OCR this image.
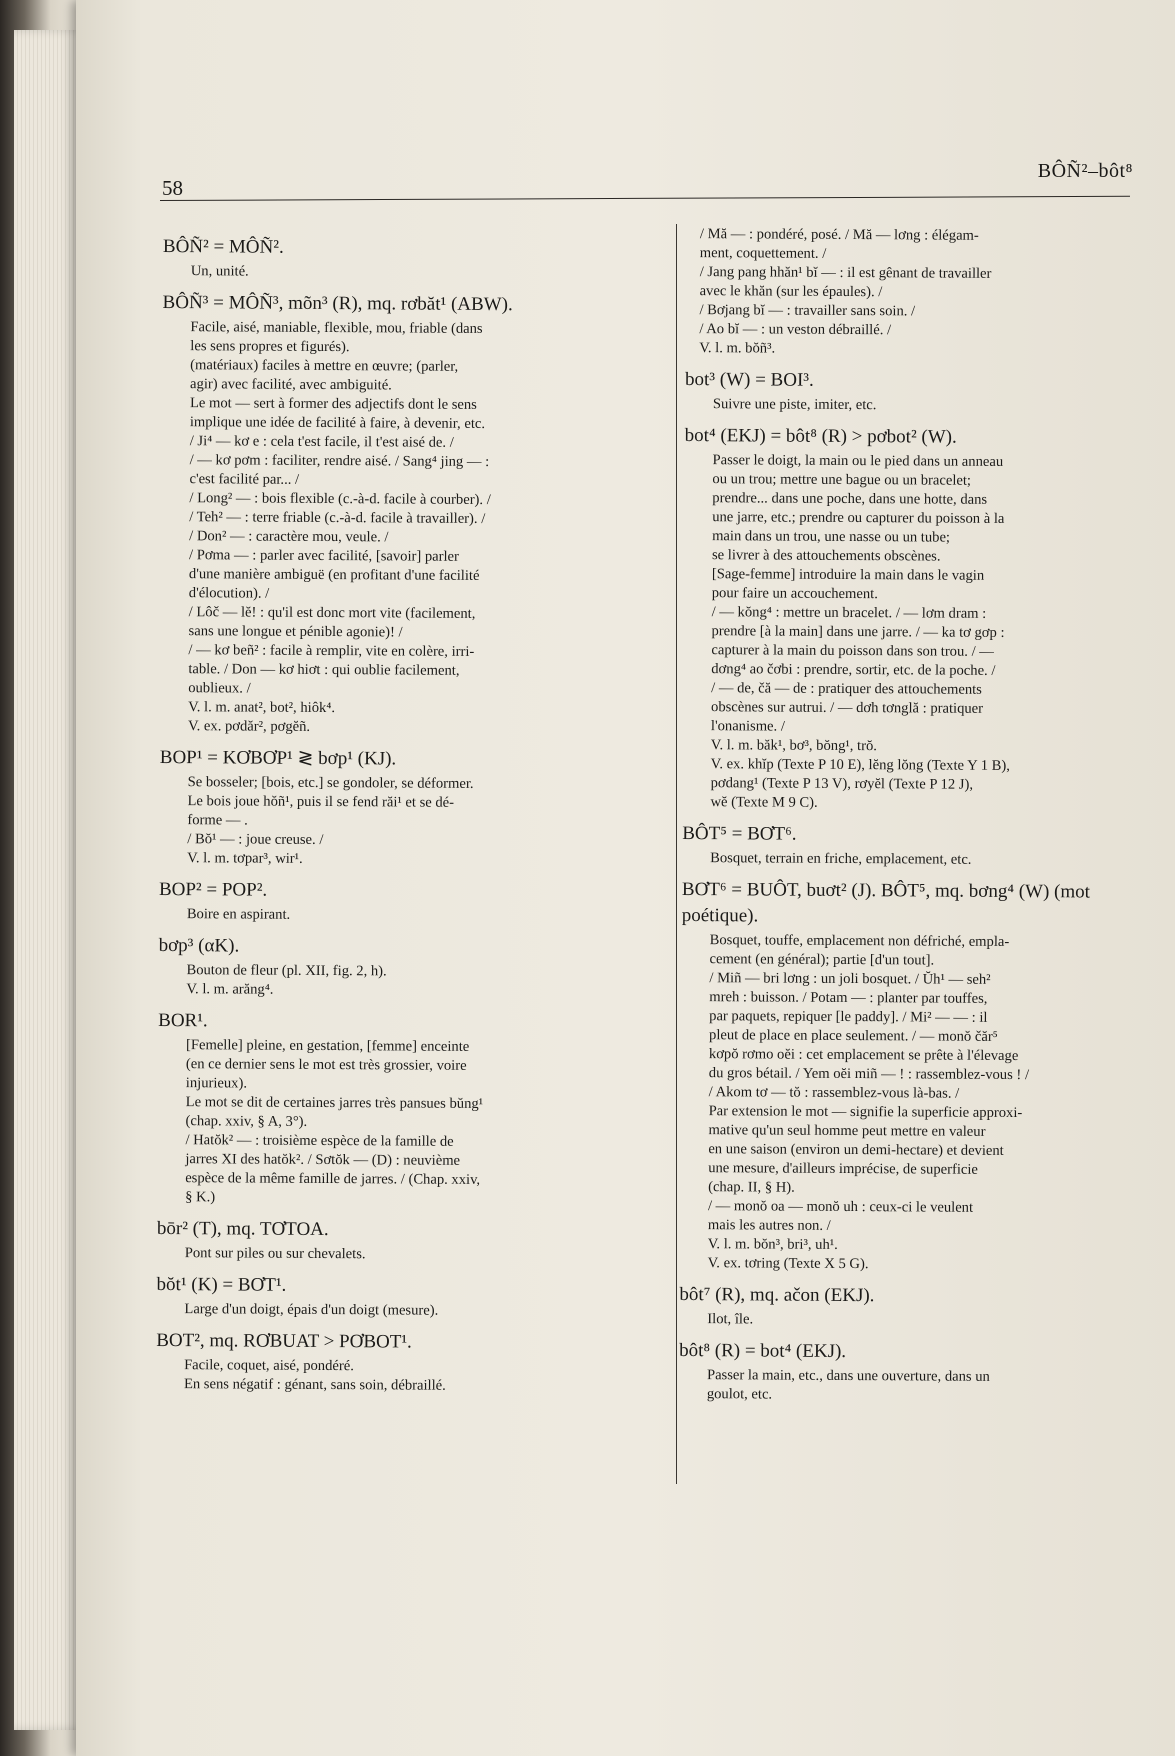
58
BÔÑ²–bôt⁸
BÔÑ² = MÔÑ².
Un, unité.
BÔÑ³ = MÔÑ³, mõn³ (R), mq. rơbăt¹ (ABW).
Facile, aisé, maniable, flexible, mou, friable (dans
les sens propres et figurés).
(matériaux) faciles à mettre en œuvre; (parler,
agir) avec facilité, avec ambiguité.
Le mot — sert à former des adjectifs dont le sens
implique une idée de facilité à faire, à devenir, etc.
/ Ji⁴ — kơ e : cela t'est facile, il t'est aisé de. /
/ — kơ pơm : faciliter, rendre aisé. / Sang⁴ jing — :
c'est facilité par... /
/ Long² — : bois flexible (c.-à-d. facile à courber). /
/ Teh² — : terre friable (c.-à-d. facile à travailler). /
/ Don² — : caractère mou, veule. /
/ Pơma — : parler avec facilité, [savoir] parler
d'une manière ambiguë (en profitant d'une facilité
d'élocution). /
/ Lôč — lĕ! : qu'il est donc mort vite (facilement,
sans une longue et pénible agonie)! /
/ — kơ beñ² : facile à remplir, vite en colère, irri-
table. / Don — kơ hiơt : qui oublie facilement,
oublieux. /
V. l. m. anat², bot², hiôk⁴.
V. ex. pơdăr², pơgĕñ.
BOP¹ = KƠBƠP¹ ≷ bơp¹ (KJ).
Se bosseler; [bois, etc.] se gondoler, se déformer.
Le bois joue hŏñ¹, puis il se fend răi¹ et se dé-
forme — .
/ Bŏ¹ — : joue creuse. /
V. l. m. tơpar³, wir¹.
BOP² = POP².
Boire en aspirant.
bơp³ (αK).
Bouton de fleur (pl. XII, fig. 2, h).
V. l. m. arăng⁴.
BOR¹.
[Femelle] pleine, en gestation, [femme] enceinte
(en ce dernier sens le mot est très grossier, voire
injurieux).
Le mot se dit de certaines jarres très pansues bŭng¹
(chap. xxiv, § A, 3°).
/ Hatŏk² — : troisième espèce de la famille de
jarres XI des hatŏk². / Sơtŏk — (D) : neuvième
espèce de la même famille de jarres. / (Chap. xxiv,
§ K.)
bōr² (T), mq. TƠTOA.
Pont sur piles ou sur chevalets.
bŏt¹ (K) = BƠT¹.
Large d'un doigt, épais d'un doigt (mesure).
BOT², mq. RƠBUAT > PƠBOT¹.
Facile, coquet, aisé, pondéré.
En sens négatif : génant, sans soin, débraillé.
/ Mă — : pondéré, posé. / Mă — lơng : élégam-
ment, coquettement. /
/ Jang pang hhăn¹ bĭ — : il est gênant de travailler
avec le khăn (sur les épaules). /
/ Bơjang bĭ — : travailler sans soin. /
/ Ao bĭ — : un veston débraillé. /
V. l. m. bŏñ³.
bot³ (W) = BOI³.
Suivre une piste, imiter, etc.
bot⁴ (EKJ) = bôt⁸ (R) > pơbot² (W).
Passer le doigt, la main ou le pied dans un anneau
ou un trou; mettre une bague ou un bracelet;
prendre... dans une poche, dans une hotte, dans
une jarre, etc.; prendre ou capturer du poisson à la
main dans un trou, une nasse ou un tube;
se livrer à des attouchements obscènes.
[Sage-femme] introduire la main dans le vagin
pour faire un accouchement.
/ — kŏng⁴ : mettre un bracelet. / — lơm dram :
prendre [à la main] dans une jarre. / — ka tơ gơp :
capturer à la main du poisson dans son trou. / —
dơng⁴ ao čơbi : prendre, sortir, etc. de la poche. /
/ — de, čă — de : pratiquer des attouchements
obscènes sur autrui. / — dơh tơnglă : pratiquer
l'onanisme. /
V. l. m. băk¹, bơ³, bŏng¹, trŏ.
V. ex. khĭp (Texte P 10 E), lĕng lŏng (Texte Y 1 B),
pơdang¹ (Texte P 13 V), rơyĕl (Texte P 12 J),
wĕ (Texte M 9 C).
BÔT⁵ = BƠT⁶.
Bosquet, terrain en friche, emplacement, etc.
BƠT⁶ = BUÔT, buơt² (J). BÔT⁵, mq. bơng⁴ (W) (mot poétique).
Bosquet, touffe, emplacement non défriché, empla-
cement (en général); partie [d'un tout].
/ Miñ — bri lơng : un joli bosquet. / Ŭh¹ — seh²
mreh : buisson. / Potam — : planter par touffes,
par paquets, repiquer [le paddy]. / Mi² — — : il
pleut de place en place seulement. / — monŏ čăr⁵
kơpŏ rơmo oĕi : cet emplacement se prête à l'élevage
du gros bétail. / Yem oĕi miñ — ! : rassemblez-vous ! /
/ Akom tơ — tŏ : rassemblez-vous là-bas. /
Par extension le mot — signifie la superficie approxi-
mative qu'un seul homme peut mettre en valeur
en une saison (environ un demi-hectare) et devient
une mesure, d'ailleurs imprécise, de superficie
(chap. II, § H).
/ — monŏ oa — monŏ uh : ceux-ci le veulent
mais les autres non. /
V. l. m. bŏn³, bri³, uh¹.
V. ex. tơring (Texte X 5 G).
bôt⁷ (R), mq. ačon (EKJ).
Ilot, île.
bôt⁸ (R) = bot⁴ (EKJ).
Passer la main, etc., dans une ouverture, dans un
goulot, etc.
